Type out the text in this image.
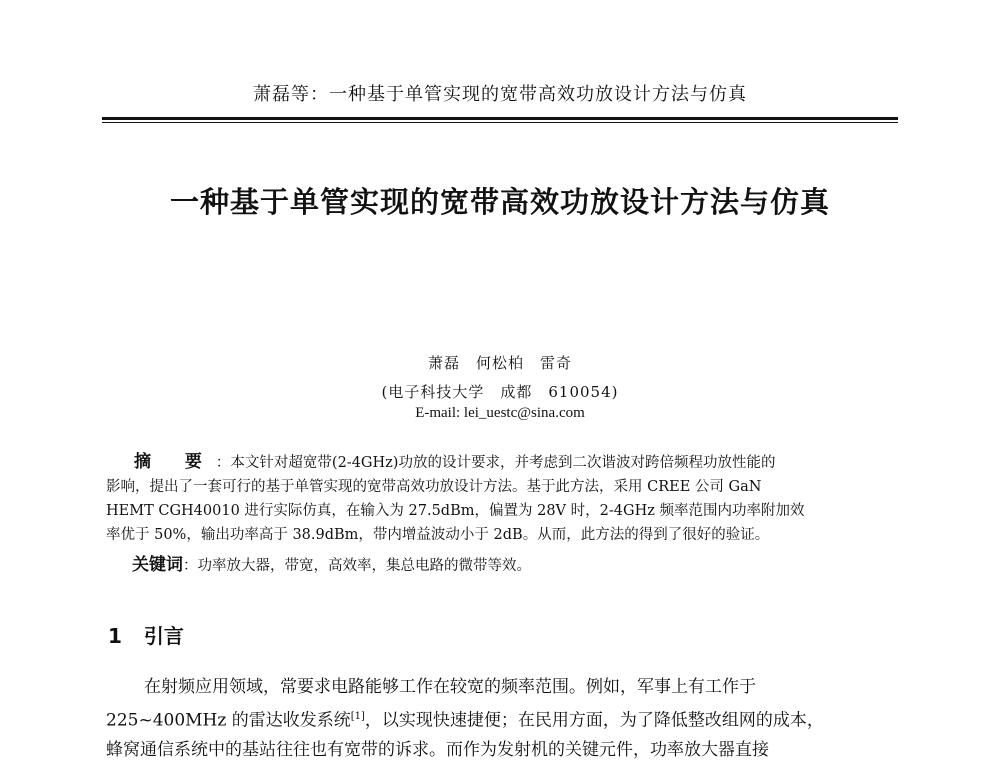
萧磊等：一种基于单管实现的宽带高效功放设计方法与仿真
一种基于单管实现的宽带高效功放设计方法与仿真
萧磊　何松柏　雷奇
(电子科技大学　成都　610054)
E-mail: lei_uestc@sina.com
摘 要：本文针对超宽带(2-4GHz)功放的设计要求，并考虑到二次谐波对跨倍频程功放性能的
影响，提出了一套可行的基于单管实现的宽带高效功放设计方法。基于此方法，采用 CREE 公司 GaN
HEMT CGH40010 进行实际仿真，在输入为 27.5dBm，偏置为 28V 时，2-4GHz 频率范围内功率附加效
率优于 50%，输出功率高于 38.9dBm，带内增益波动小于 2dB。从而，此方法的得到了很好的验证。
关键词：功率放大器，带宽，高效率，集总电路的微带等效。
1 引言
在射频应用领域，常要求电路能够工作在较宽的频率范围。例如，军事上有工作于
225~400MHz 的雷达收发系统[1]，以实现快速捷便；在民用方面，为了降低整改组网的成本，
蜂窝通信系统中的基站往往也有宽带的诉求。而作为发射机的关键元件，功率放大器直接
